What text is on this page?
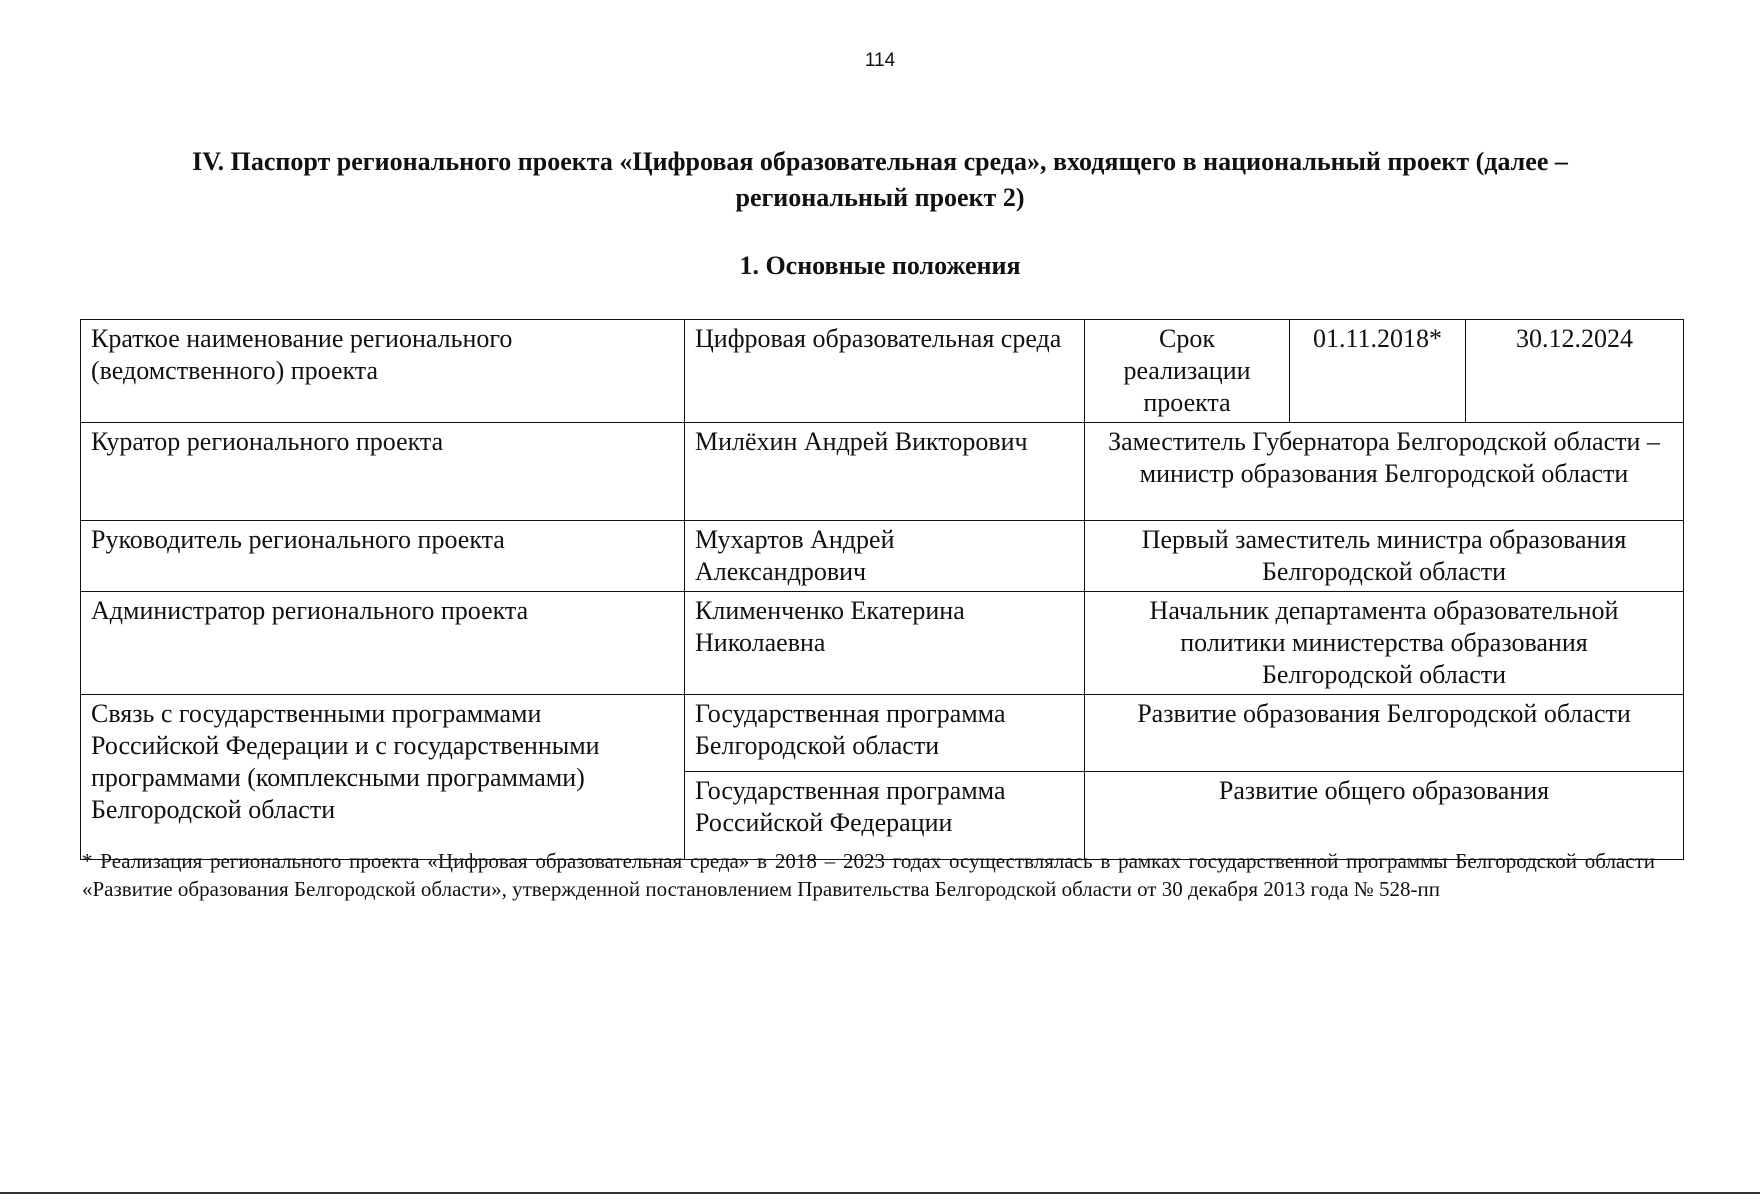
114
IV. Паспорт регионального проекта «Цифровая образовательная среда», входящего в национальный проект (далее – региональный проект 2)
1. Основные положения
Краткое наименование регионального (ведомственного) проекта	Цифровая образовательная среда	Срок реализации проекта	01.11.2018*	30.12.2024
Куратор регионального проекта	Милёхин Андрей Викторович	Заместитель Губернатора Белгородской области – министр образования Белгородской области		
Руководитель регионального проекта	Мухартов Андрей Александрович	Первый заместитель министра образования Белгородской области		
Администратор регионального проекта	Клименченко Екатерина Николаевна	Начальник департамента образовательной политики министерства образования Белгородской области		
Связь с государственными программами Российской Федерации и с государственными программами (комплексными программами) Белгородской области	Государственная программа Белгородской области	Развитие образования Белгородской области		
	Государственная программа Российской Федерации	Развитие общего образования		
* Реализация регионального проекта «Цифровая образовательная среда» в 2018 – 2023 годах осуществлялась в рамках государственной программы Белгородской области «Развитие образования Белгородской области», утвержденной постановлением Правительства Белгородской области от 30 декабря 2013 года № 528-пп
